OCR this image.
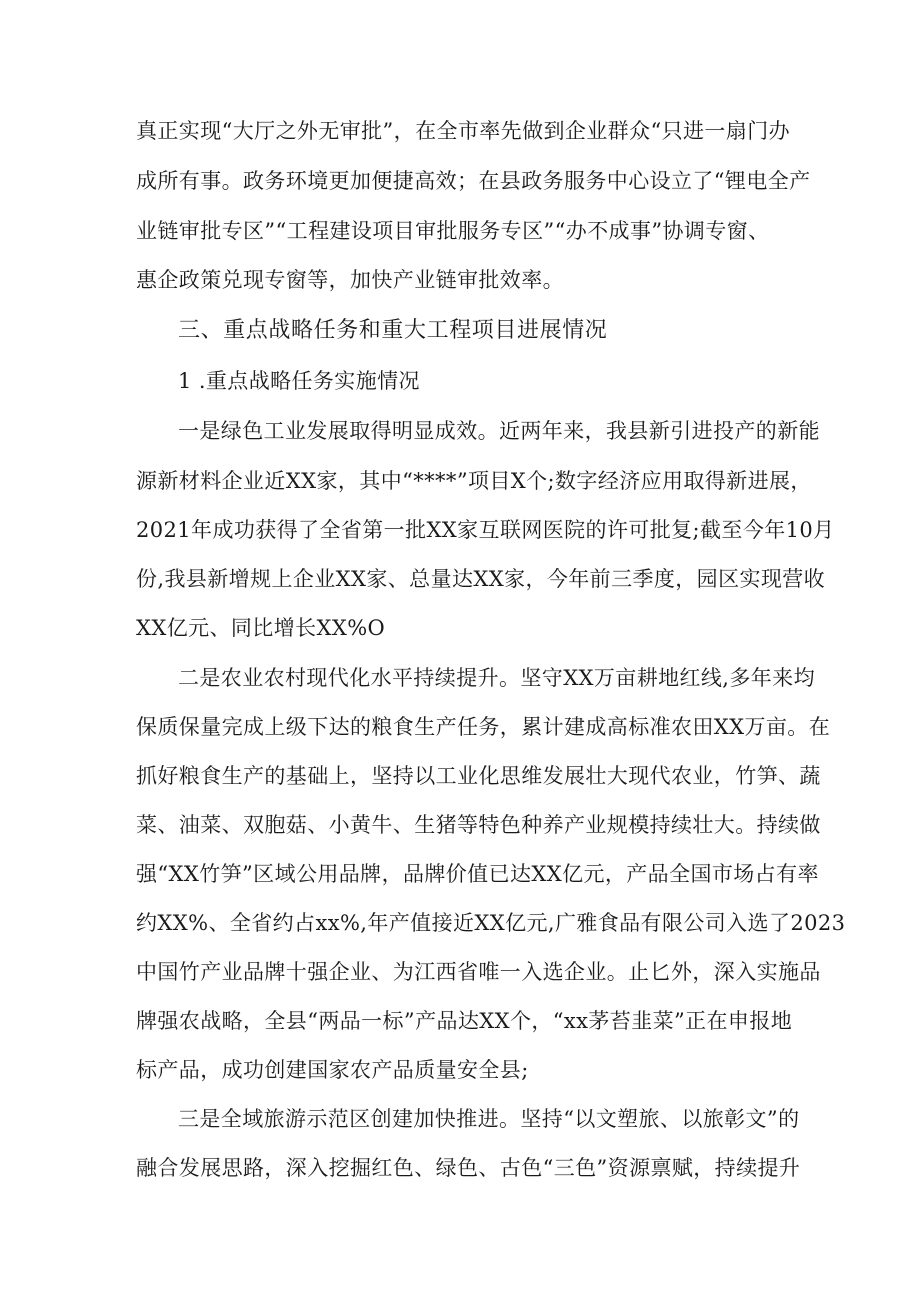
真正实现“大厅之外无审批”，在全市率先做到企业群众“只进一扇门办
成所有事。政务环境更加便捷高效；在县政务服务中心设立了“锂电全产
业链审批专区”“工程建设项目审批服务专区”“办不成事”协调专窗、
惠企政策兑现专窗等，加快产业链审批效率。
三、重点战略任务和重大工程项目进展情况
1 .重点战略任务实施情况
一是绿色工业发展取得明显成效。近两年来，我县新引进投产的新能
源新材料企业近XX家，其中“****”项目X个;数字经济应用取得新进展，
2021年成功获得了全省第一批XX家互联网医院的许可批复;截至今年10月
份,我县新增规上企业XX家、总量达XX家，今年前三季度，园区实现营收
XX亿元、同比增长XX%O
二是农业农村现代化水平持续提升。坚守XX万亩耕地红线,多年来均
保质保量完成上级下达的粮食生产任务，累计建成高标准农田XX万亩。在
抓好粮食生产的基础上，坚持以工业化思维发展壮大现代农业，竹笋、蔬
菜、油菜、双胞菇、小黄牛、生猪等特色种养产业规模持续壮大。持续做
强“XX竹笋”区域公用品牌，品牌价值已达XX亿元，产品全国市场占有率
约XX%、全省约占xx%,年产值接近XX亿元,广雅食品有限公司入选了2023
中国竹产业品牌十强企业、为江西省唯一入选企业。止匕外，深入实施品
牌强农战略，全县“两品一标”产品达XX个，“xx茅苔韭菜”正在申报地
标产品，成功创建国家农产品质量安全县;
三是全域旅游示范区创建加快推进。坚持“以文塑旅、以旅彰文”的
融合发展思路，深入挖掘红色、绿色、古色“三色”资源禀赋，持续提升
